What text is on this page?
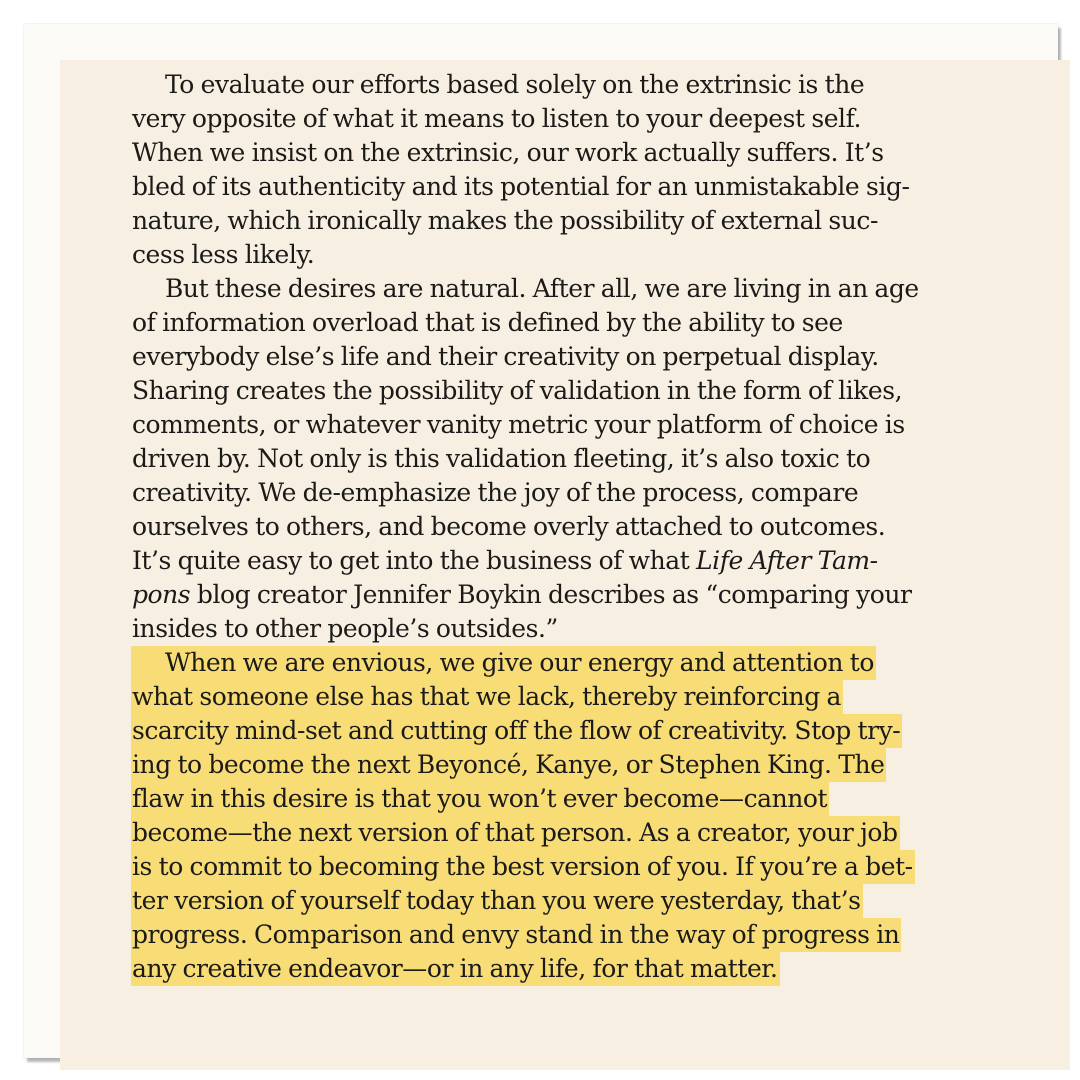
To evaluate our efforts based solely on the extrinsic is the
very opposite of what it means to listen to your deepest self.
When we insist on the extrinsic, our work actually suffers. It’s
bled of its authenticity and its potential for an unmistakable sig-
nature, which ironically makes the possibility of external suc-
cess less likely.
But these desires are natural. After all, we are living in an age
of information overload that is defined by the ability to see
everybody else’s life and their creativity on perpetual display.
Sharing creates the possibility of validation in the form of likes,
comments, or whatever vanity metric your platform of choice is
driven by. Not only is this validation fleeting, it’s also toxic to
creativity. We de-emphasize the joy of the process, compare
ourselves to others, and become overly attached to outcomes.
It’s quite easy to get into the business of what Life After Tam-
pons blog creator Jennifer Boykin describes as “comparing your
insides to other people’s outsides.”
When we are envious, we give our energy and attention to
what someone else has that we lack, thereby reinforcing a
scarcity mind-set and cutting off the flow of creativity. Stop try-
ing to become the next Beyoncé, Kanye, or Stephen King. The
flaw in this desire is that you won’t ever become—cannot
become—the next version of that person. As a creator, your job
is to commit to becoming the best version of you. If you’re a bet-
ter version of yourself today than you were yesterday, that’s
progress. Comparison and envy stand in the way of progress in
any creative endeavor—or in any life, for that matter.
